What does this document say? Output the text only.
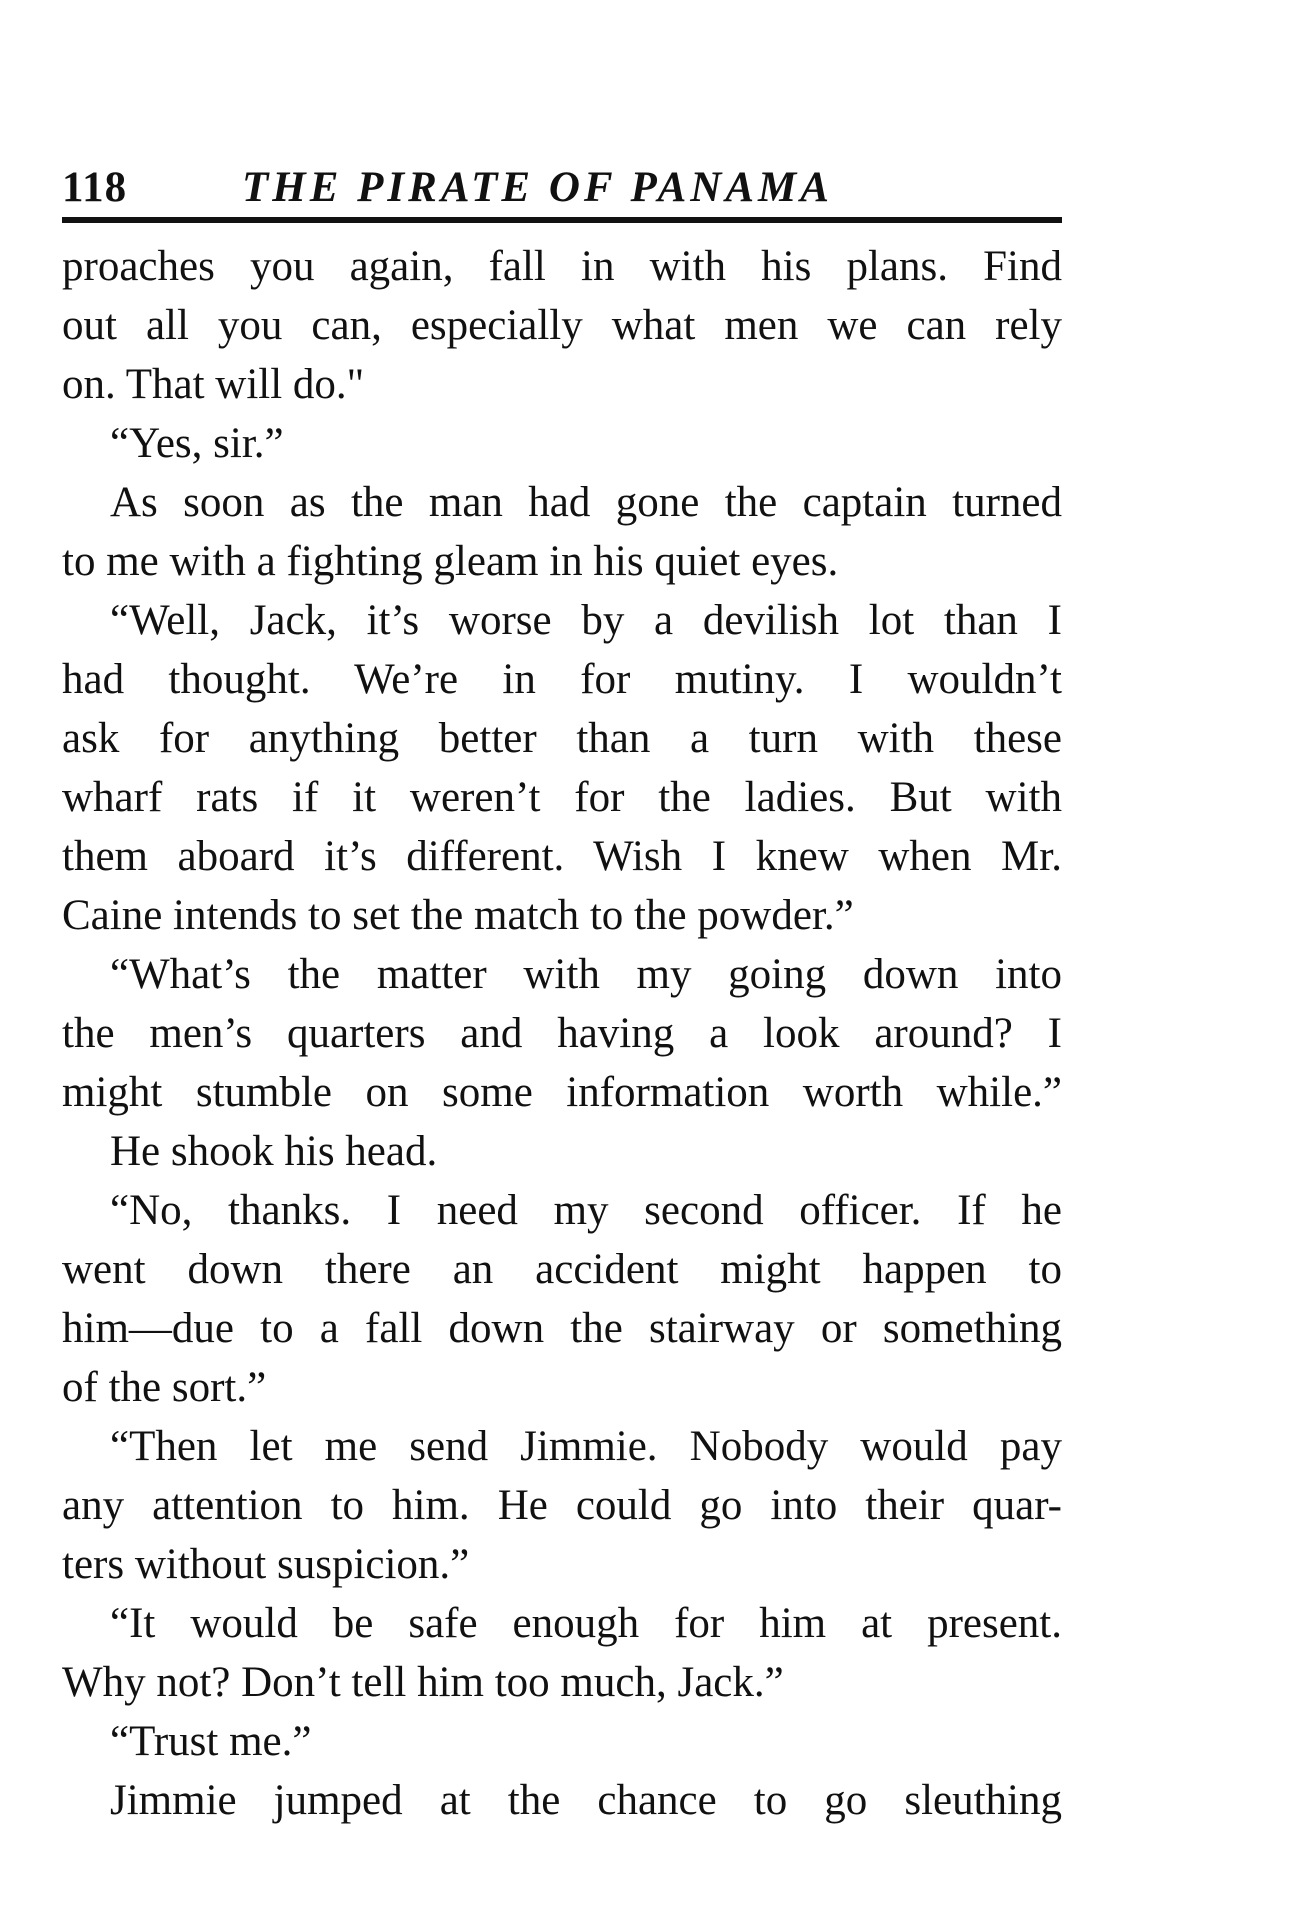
118	THE PIRATE OF PANAMA
proaches you again, fall in with his plans. Find
out all you can, especially what men we can rely
on. That will do."
“Yes, sir.”
As soon as the man had gone the captain turned
to me with a fighting gleam in his quiet eyes.
“Well, Jack, it’s worse by a devilish lot than I
had thought. We’re in for mutiny. I wouldn’t
ask for anything better than a turn with these
wharf rats if it weren’t for the ladies. But with
them aboard it’s different. Wish I knew when Mr.
Caine intends to set the match to the powder.”
“What’s the matter with my going down into
the men’s quarters and having a look around? I
might stumble on some information worth while.”
He shook his head.
“No, thanks. I need my second officer. If he
went down there an accident might happen to
him—due to a fall down the stairway or something
of the sort.”
“Then let me send Jimmie. Nobody would pay
any attention to him. He could go into their quar-
ters without suspicion.”
“It would be safe enough for him at present.
Why not? Don’t tell him too much, Jack.”
“Trust me.”
Jimmie jumped at the chance to go sleuthing
